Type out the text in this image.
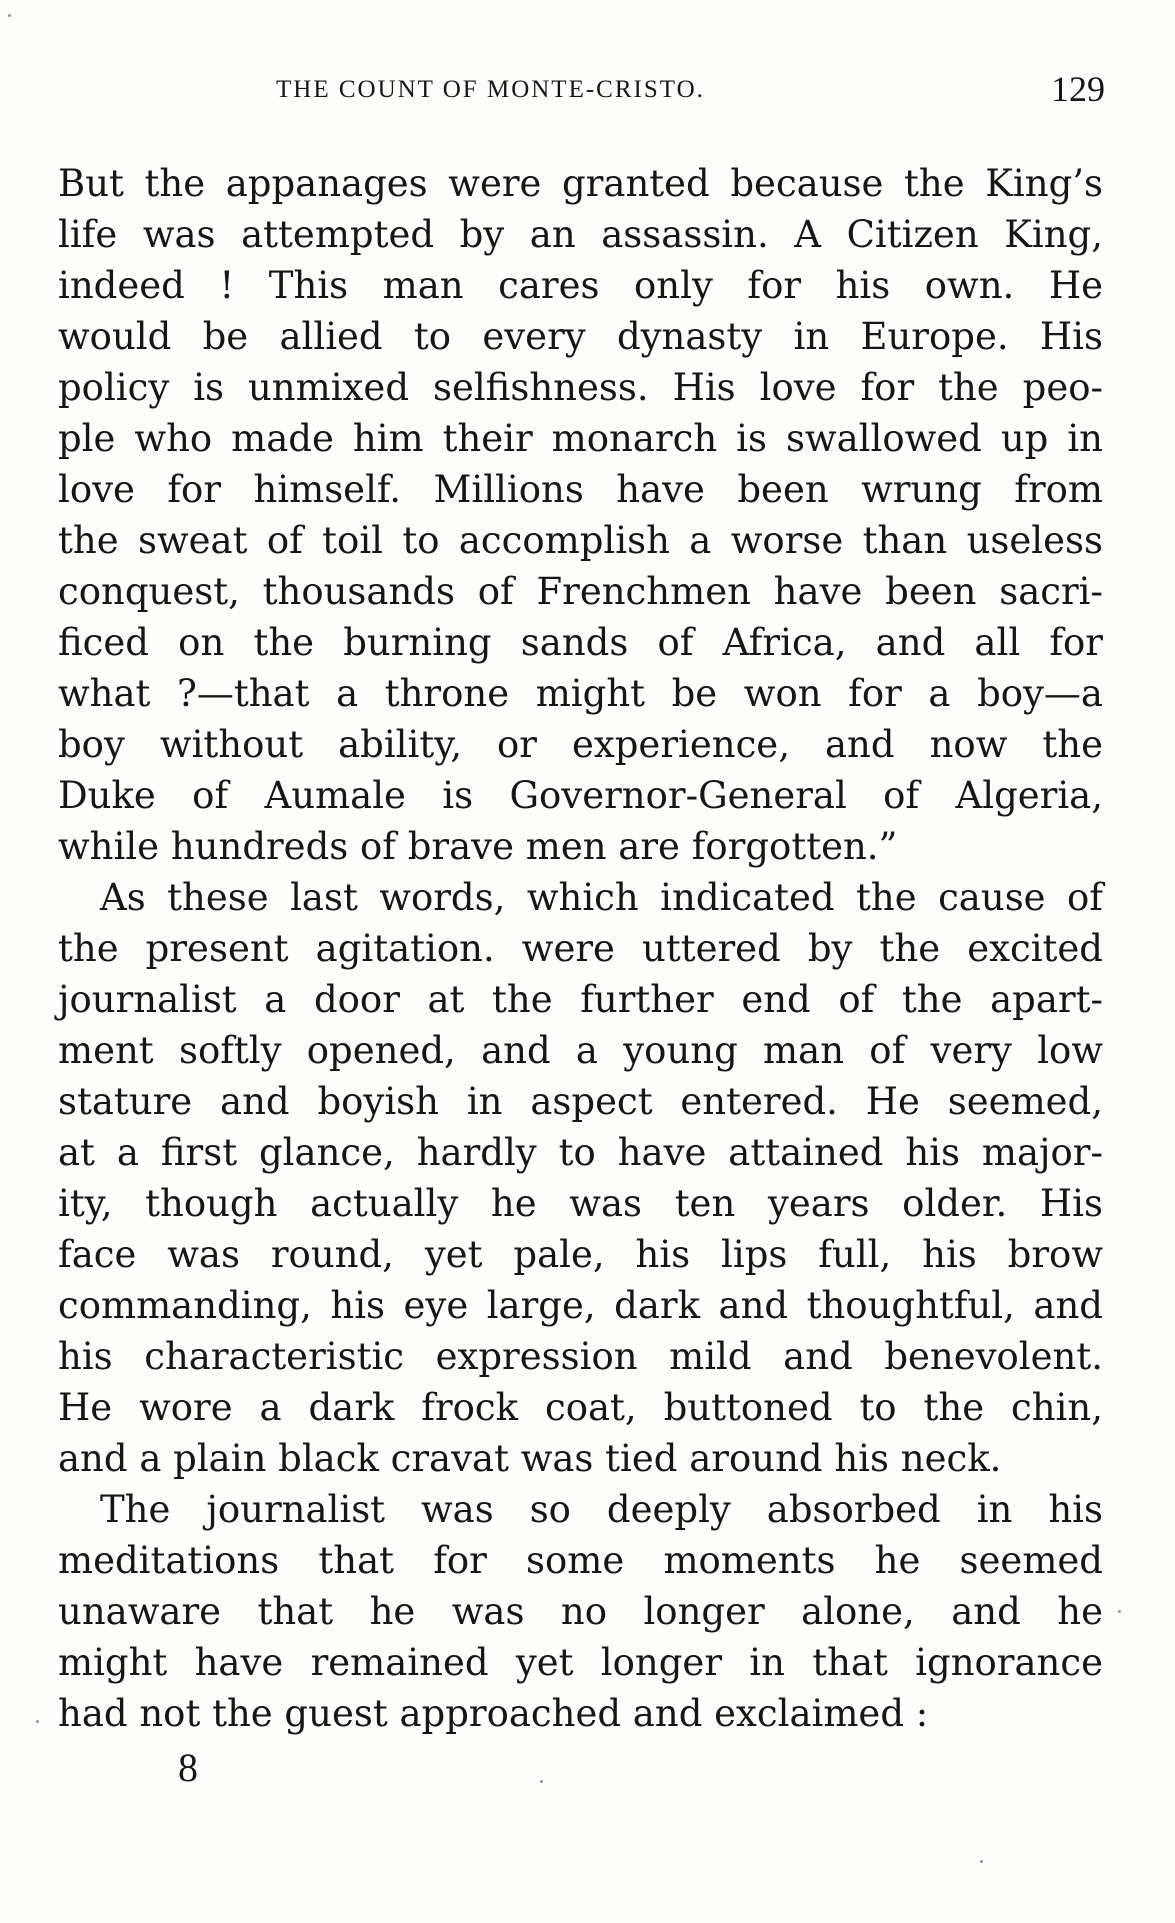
THE COUNT OF MONTE-CRISTO.	129
But the appanages were granted because the King’s
life was attempted by an assassin. A Citizen King,
indeed ! This man cares only for his own. He
would be allied to every dynasty in Europe. His
policy is unmixed selfishness. His love for the peo-
ple who made him their monarch is swallowed up in
love for himself. Millions have been wrung from
the sweat of toil to accomplish a worse than useless
conquest, thousands of Frenchmen have been sacri-
ficed on the burning sands of Africa, and all for
what ?—that a throne might be won for a boy—a
boy without ability, or experience, and now the
Duke of Aumale is Governor-General of Algeria,
while hundreds of brave men are forgotten.”
As these last words, which indicated the cause of
the present agitation. were uttered by the excited
journalist a door at the further end of the apart-
ment softly opened, and a young man of very low
stature and boyish in aspect entered. He seemed,
at a first glance, hardly to have attained his major-
ity, though actually he was ten years older. His
face was round, yet pale, his lips full, his brow
commanding, his eye large, dark and thoughtful, and
his characteristic expression mild and benevolent.
He wore a dark frock coat, buttoned to the chin,
and a plain black cravat was tied around his neck.
The journalist was so deeply absorbed in his
meditations that for some moments he seemed
unaware that he was no longer alone, and he
might have remained yet longer in that ignorance
had not the guest approached and exclaimed :
8
